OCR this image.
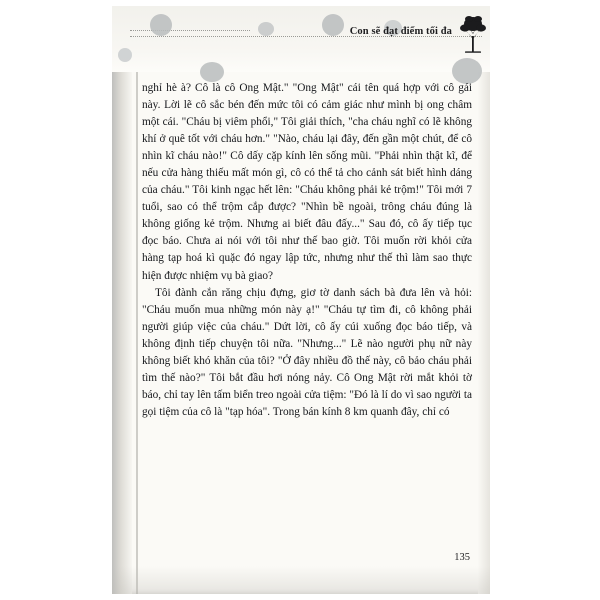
Con sẽ đạt điểm tối đa

nghỉ hè à? Cô là cô Ong Mật." "Ong Mật" cái tên quá hợp với cô gái này. Lời lẽ cô sắc bén đến mức tôi có cảm giác như mình bị ong châm một cái. "Cháu bị viêm phổi," Tôi giải thích, "cha cháu nghĩ có lẽ không khí ở quê tốt với cháu hơn." "Nào, cháu lại đây, đến gần một chút, để cô nhìn kĩ cháu nào!" Cô dấy cặp kính lên sống mũi. "Phải nhìn thật kĩ, để nếu cửa hàng thiếu mất món gì, cô có thể tả cho cảnh sát biết hình dáng của cháu." Tôi kinh ngạc hết lên: "Cháu không phải kẻ trộm!" Tôi mới 7 tuổi, sao có thể trộm cắp được? "Nhìn bề ngoài, trông cháu đúng là không giống kẻ trộm. Nhưng ai biết đâu đấy..." Sau đó, cô ấy tiếp tục đọc báo. Chưa ai nói với tôi như thế bao giờ. Tôi muốn rời khỏi cửa hàng tạp hoá kì quặc đó ngay lập tức, nhưng như thế thì làm sao thực hiện được nhiệm vụ bà giao?

Tôi đành cắn răng chịu đựng, giơ tờ danh sách bà đưa lên và hỏi: "Cháu muốn mua những món này ạ!" "Cháu tự tìm đi, cô không phải người giúp việc của cháu." Dứt lời, cô ấy cúi xuống đọc báo tiếp, và không định tiếp chuyện tôi nữa. "Nhưng..." Lẽ nào người phụ nữ này không biết khó khăn của tôi? "Ở đây nhiều đồ thế này, cô bảo cháu phải tìm thế nào?" Tôi bắt đầu hơi nóng nảy. Cô Ong Mật rời mắt khỏi tờ báo, chỉ tay lên tấm biển treo ngoài cửa tiệm: "Đó là lí do vì sao người ta gọi tiệm của cô là "tạp hóa". Trong bán kính 8 km quanh đây, chỉ có

135
